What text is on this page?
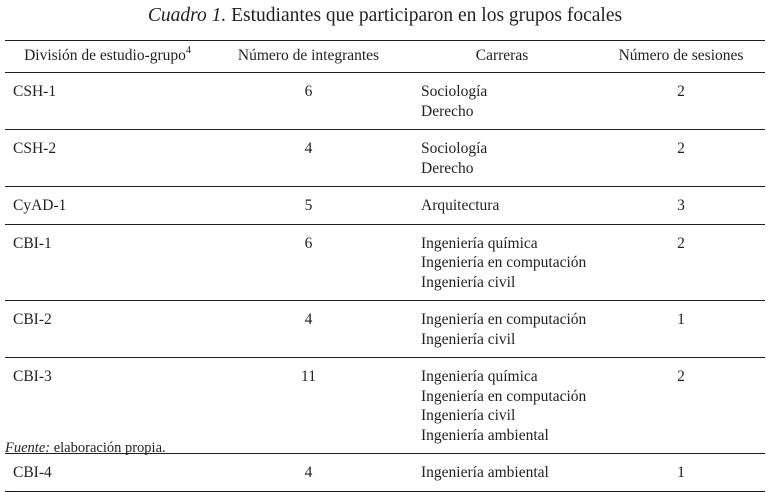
Cuadro 1. Estudiantes que participaron en los grupos focales
División de estudio-grupo$^4$	Número de integrantes	Carreras	Número de sesiones
CSH-1	6	Sociología
Derecho	2
CSH-2	4	Sociología
Derecho	2
CyAD-1	5	Arquitectura	3
CBI-1	6	Ingeniería química
Ingeniería en computación
Ingeniería civil	2
CBI-2	4	Ingeniería en computación
Ingeniería civil	1
CBI-3	11	Ingeniería química
Ingeniería en computación
Ingeniería civil
Ingeniería ambiental	2
CBI-4	4	Ingeniería ambiental	1
Fuente: elaboración propia.
